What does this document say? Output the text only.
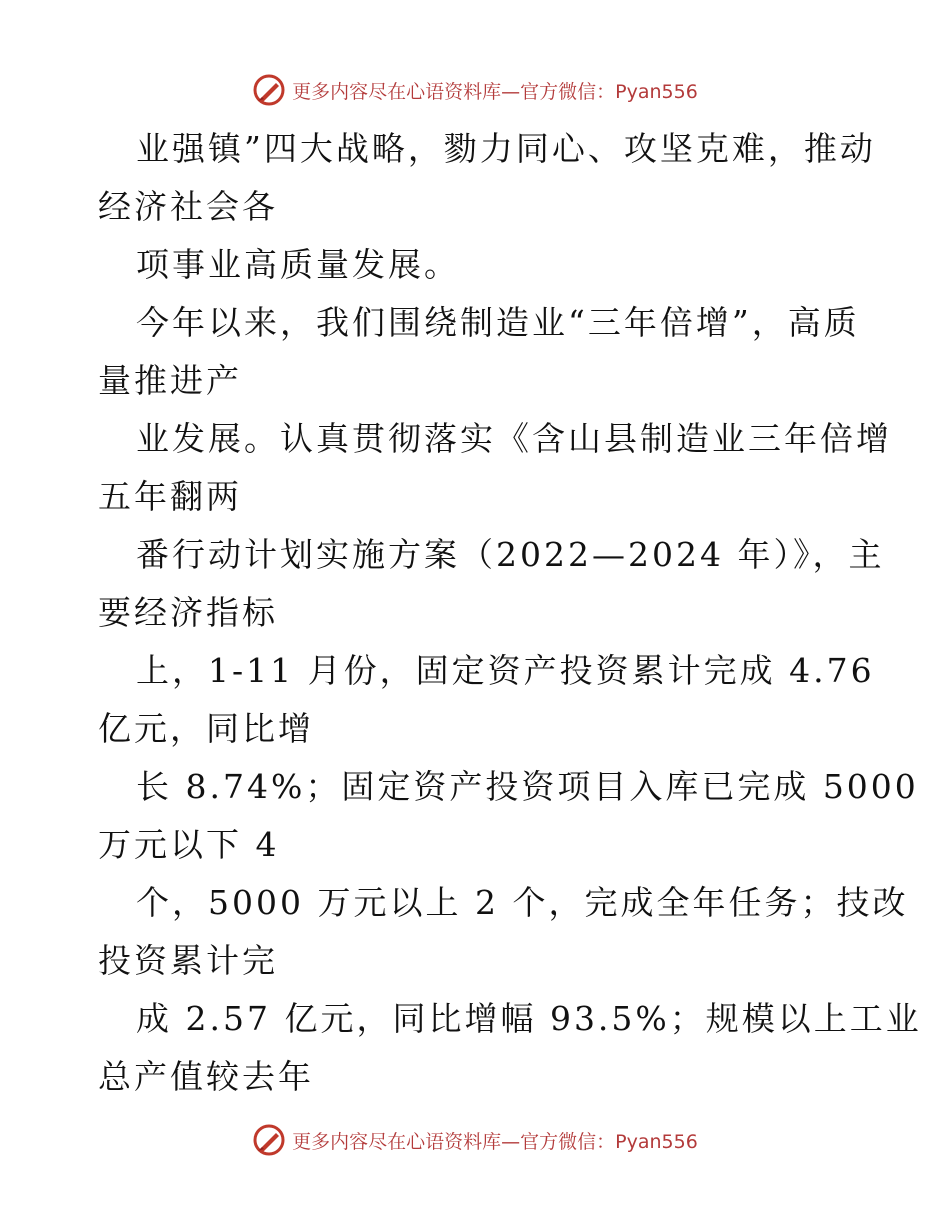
更多内容尽在心语资料库—官方微信：Pyan556
业强镇”四大战略，勠力同心、攻坚克难，推动
经济社会各
项事业高质量发展。
今年以来，我们围绕制造业“三年倍增”，高质
量推进产
业发展。认真贯彻落实《含山县制造业三年倍增
五年翻两
番行动计划实施方案（2022—2024 年）》，主
要经济指标
上，1-11 月份，固定资产投资累计完成 4.76
亿元，同比增
长 8.74%；固定资产投资项目入库已完成 5000
万元以下 4
个，5000 万元以上 2 个，完成全年任务；技改
投资累计完
成 2.57 亿元，同比增幅 93.5%；规模以上工业
总产值较去年
更多内容尽在心语资料库—官方微信：Pyan556
